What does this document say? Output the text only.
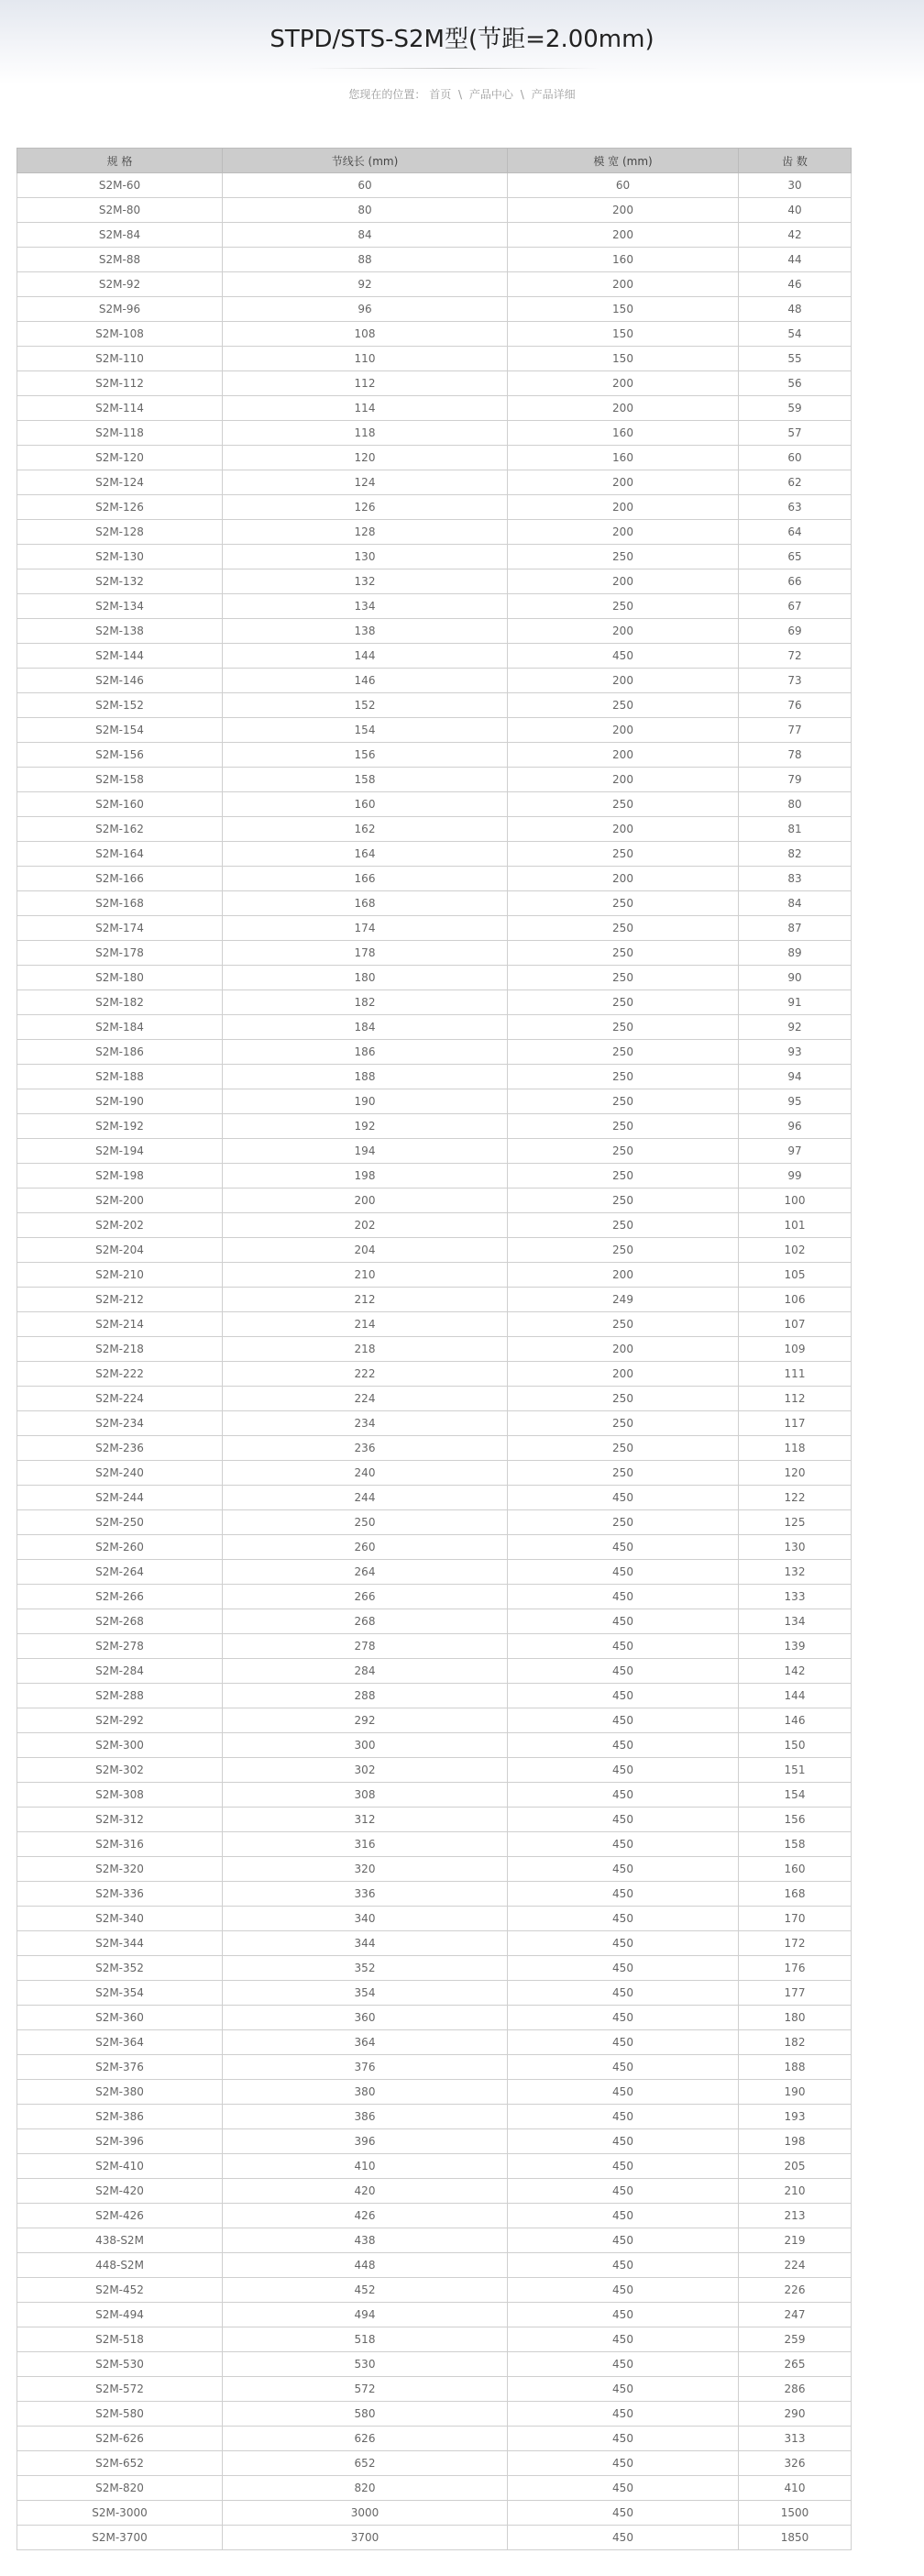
STPD/STS-S2M型(节距=2.00mm)
您现在的位置： 首页 \ 产品中心 \ 产品详细
规 格	节线长 (mm)	模 宽 (mm)	齿 数
S2M-60	60	60	30
S2M-80	80	200	40
S2M-84	84	200	42
S2M-88	88	160	44
S2M-92	92	200	46
S2M-96	96	150	48
S2M-108	108	150	54
S2M-110	110	150	55
S2M-112	112	200	56
S2M-114	114	200	59
S2M-118	118	160	57
S2M-120	120	160	60
S2M-124	124	200	62
S2M-126	126	200	63
S2M-128	128	200	64
S2M-130	130	250	65
S2M-132	132	200	66
S2M-134	134	250	67
S2M-138	138	200	69
S2M-144	144	450	72
S2M-146	146	200	73
S2M-152	152	250	76
S2M-154	154	200	77
S2M-156	156	200	78
S2M-158	158	200	79
S2M-160	160	250	80
S2M-162	162	200	81
S2M-164	164	250	82
S2M-166	166	200	83
S2M-168	168	250	84
S2M-174	174	250	87
S2M-178	178	250	89
S2M-180	180	250	90
S2M-182	182	250	91
S2M-184	184	250	92
S2M-186	186	250	93
S2M-188	188	250	94
S2M-190	190	250	95
S2M-192	192	250	96
S2M-194	194	250	97
S2M-198	198	250	99
S2M-200	200	250	100
S2M-202	202	250	101
S2M-204	204	250	102
S2M-210	210	200	105
S2M-212	212	249	106
S2M-214	214	250	107
S2M-218	218	200	109
S2M-222	222	200	111
S2M-224	224	250	112
S2M-234	234	250	117
S2M-236	236	250	118
S2M-240	240	250	120
S2M-244	244	450	122
S2M-250	250	250	125
S2M-260	260	450	130
S2M-264	264	450	132
S2M-266	266	450	133
S2M-268	268	450	134
S2M-278	278	450	139
S2M-284	284	450	142
S2M-288	288	450	144
S2M-292	292	450	146
S2M-300	300	450	150
S2M-302	302	450	151
S2M-308	308	450	154
S2M-312	312	450	156
S2M-316	316	450	158
S2M-320	320	450	160
S2M-336	336	450	168
S2M-340	340	450	170
S2M-344	344	450	172
S2M-352	352	450	176
S2M-354	354	450	177
S2M-360	360	450	180
S2M-364	364	450	182
S2M-376	376	450	188
S2M-380	380	450	190
S2M-386	386	450	193
S2M-396	396	450	198
S2M-410	410	450	205
S2M-420	420	450	210
S2M-426	426	450	213
438-S2M	438	450	219
448-S2M	448	450	224
S2M-452	452	450	226
S2M-494	494	450	247
S2M-518	518	450	259
S2M-530	530	450	265
S2M-572	572	450	286
S2M-580	580	450	290
S2M-626	626	450	313
S2M-652	652	450	326
S2M-820	820	450	410
S2M-3000	3000	450	1500
S2M-3700	3700	450	1850
